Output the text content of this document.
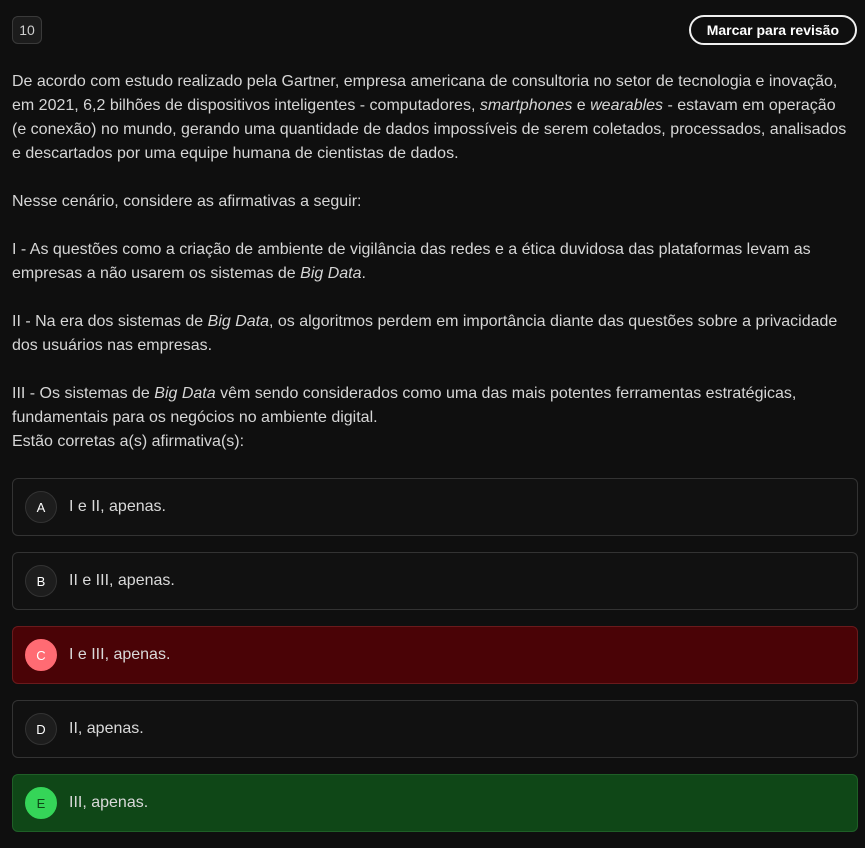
10	Marcar para revisão

De acordo com estudo realizado pela Gartner, empresa americana de consultoria no setor de tecnologia e inovação, em 2021, 6,2 bilhões de dispositivos inteligentes - computadores, smartphones e wearables - estavam em operação (e conexão) no mundo, gerando uma quantidade de dados impossíveis de serem coletados, processados, analisados e descartados por uma equipe humana de cientistas de dados.

Nesse cenário, considere as afirmativas a seguir:

I - As questões como a criação de ambiente de vigilância das redes e a ética duvidosa das plataformas levam as empresas a não usarem os sistemas de Big Data.

II - Na era dos sistemas de Big Data, os algoritmos perdem em importância diante das questões sobre a privacidade dos usuários nas empresas.

III - Os sistemas de Big Data vêm sendo considerados como uma das mais potentes ferramentas estratégicas, fundamentais para os negócios no ambiente digital.

Estão corretas a(s) afirmativa(s):

A	I e II, apenas.
B	II e III, apenas.
C	I e III, apenas.
D	II, apenas.
E	III, apenas.
